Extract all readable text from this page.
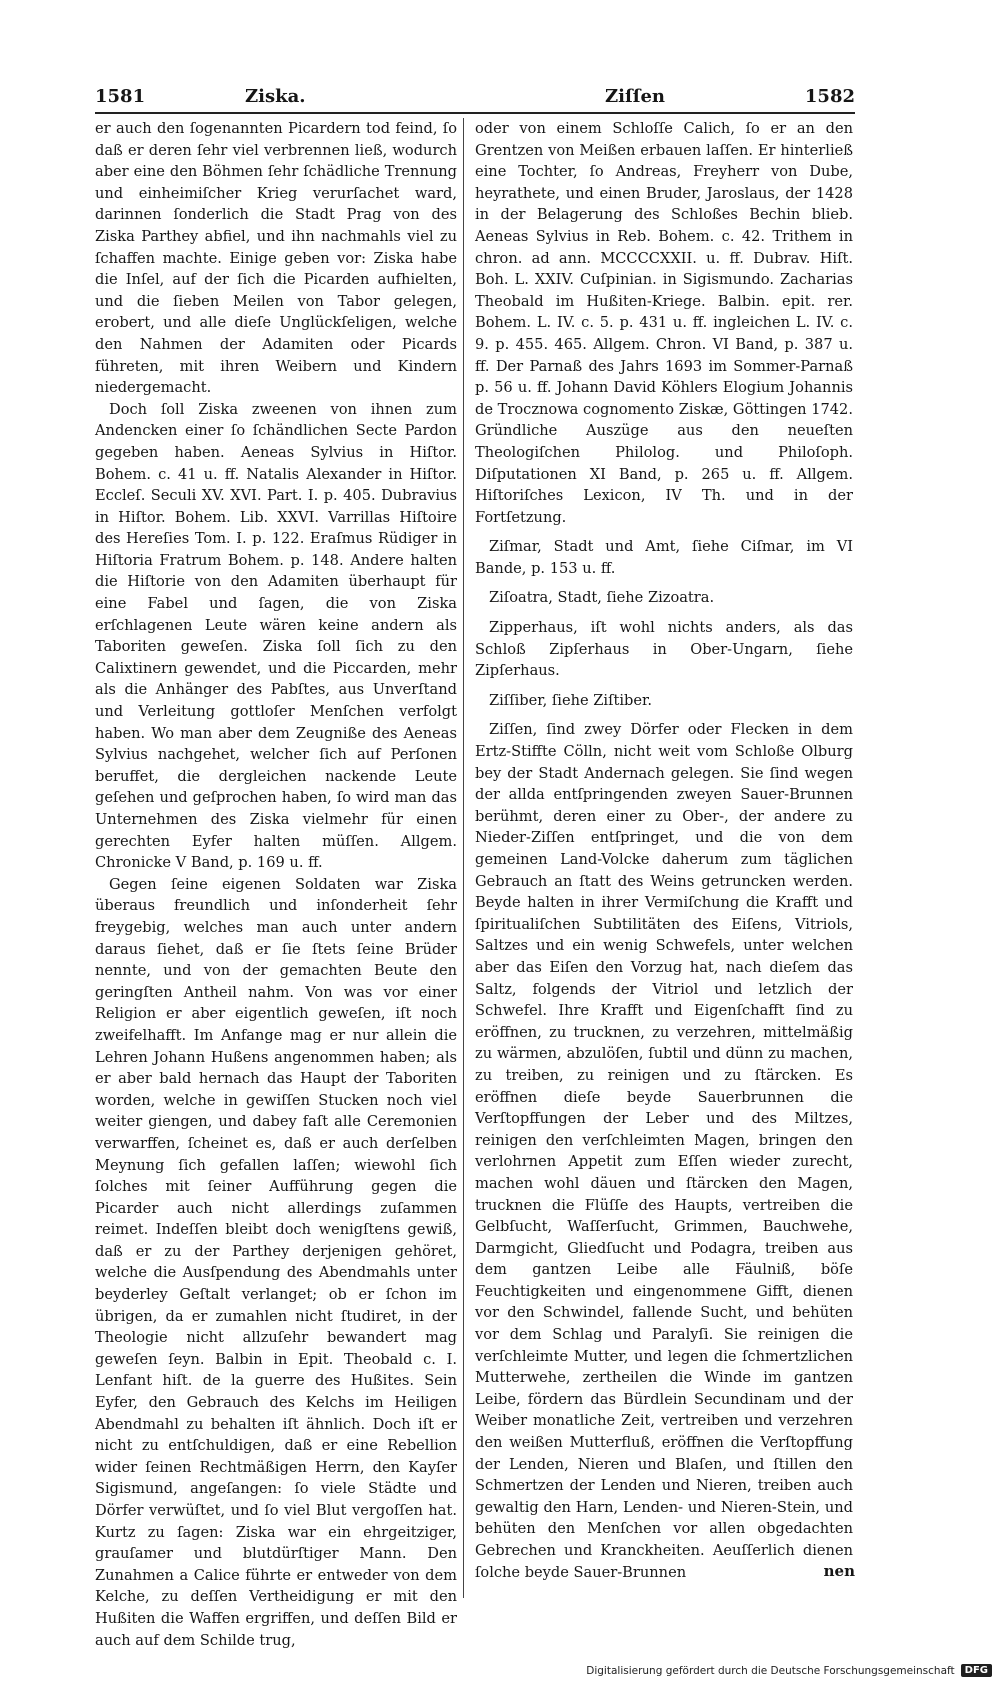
1581	Ziska.	Ziſſen	1582

er auch den ſogenannten Picardern tod feind, ſo daß er deren ſehr viel verbrennen ließ, wodurch aber eine den Böhmen ſehr ſchädliche Trennung und einheimiſcher Krieg verurſachet ward, darinnen ſonderlich die Stadt Prag von des Ziska Parthey abfiel, und ihn nachmahls viel zu ſchaffen machte. Einige geben vor: Ziska habe die Inſel, auf der ſich die Picarden aufhielten, und die ſieben Meilen von Tabor gelegen, erobert, und alle dieſe Unglückſeligen, welche den Nahmen der Adamiten oder Picards führeten, mit ihren Weibern und Kindern niedergemacht.

Doch ſoll Ziska zweenen von ihnen zum Andencken einer ſo ſchändlichen Secte Pardon gegeben haben. Aeneas Sylvius in Hiſtor. Bohem. c. 41 u. ff. Natalis Alexander in Hiſtor. Eccleſ. Seculi XV. XVI. Part. I. p. 405. Dubravius in Hiſtor. Bohem. Lib. XXVI. Varrillas Hiſtoire des Hereſies Tom. I. p. 122. Eraſmus Rüdiger in Hiſtoria Fratrum Bohem. p. 148. Andere halten die Hiſtorie von den Adamiten überhaupt für eine Fabel und ſagen, die von Ziska erſchlagenen Leute wären keine andern als Taboriten geweſen. Ziska ſoll ſich zu den Calixtinern gewendet, und die Piccarden, mehr als die Anhänger des Pabſtes, aus Unverſtand und Verleitung gottloſer Menſchen verfolgt haben. Wo man aber dem Zeugniße des Aeneas Sylvius nachgehet, welcher ſich auf Perſonen beruffet, die dergleichen nackende Leute geſehen und geſprochen haben, ſo wird man das Unternehmen des Ziska vielmehr für einen gerechten Eyfer halten müſſen. Allgem. Chronicke V Band, p. 169 u. ff.

Gegen ſeine eigenen Soldaten war Ziska überaus freundlich und inſonderheit ſehr freygebig, welches man auch unter andern daraus ſiehet, daß er ſie ſtets ſeine Brüder nennte, und von der gemachten Beute den geringſten Antheil nahm. Von was vor einer Religion er aber eigentlich geweſen, iſt noch zweifelhafft. Im Anfange mag er nur allein die Lehren Johann Hußens angenommen haben; als er aber bald hernach das Haupt der Taboriten worden, welche in gewiſſen Stucken noch viel weiter giengen, und dabey faſt alle Ceremonien verwarffen, ſcheinet es, daß er auch derſelben Meynung ſich gefallen laſſen; wiewohl ſich ſolches mit ſeiner Aufführung gegen die Picarder auch nicht allerdings zuſammen reimet. Indeſſen bleibt doch wenigſtens gewiß, daß er zu der Parthey derjenigen gehöret, welche die Ausſpendung des Abendmahls unter beyderley Geſtalt verlanget; ob er ſchon im übrigen, da er zumahlen nicht ſtudiret, in der Theologie nicht allzuſehr bewandert mag geweſen ſeyn. Balbin in Epit. Theobald c. I. Lenfant hiſt. de la guerre des Hußites. Sein Eyfer, den Gebrauch des Kelchs im Heiligen Abendmahl zu behalten iſt ähnlich. Doch iſt er nicht zu entſchuldigen, daß er eine Rebellion wider ſeinen Rechtmäßigen Herrn, den Kayſer Sigismund, angeſangen: ſo viele Städte und Dörfer verwüſtet, und ſo viel Blut vergoſſen hat. Kurtz zu ſagen: Ziska war ein ehrgeitziger, grauſamer und blutdürſtiger Mann. Den Zunahmen a Calice führte er entweder von dem Kelche, zu deſſen Vertheidigung er mit den Hußiten die Waffen ergriffen, und deſſen Bild er auch auf dem Schilde trug,

oder von einem Schloſſe Calich, ſo er an den Grentzen von Meißen erbauen laſſen. Er hinterließ eine Tochter, ſo Andreas, Freyherr von Dube, heyrathete, und einen Bruder, Jaroslaus, der 1428 in der Belagerung des Schloßes Bechin blieb. Aeneas Sylvius in Reb. Bohem. c. 42. Trithem in chron. ad ann. MCCCCXXII. u. ff. Dubrav. Hiſt. Boh. L. XXIV. Cuſpinian. in Sigismundo. Zacharias Theobald im Hußiten-Kriege. Balbin. epit. rer. Bohem. L. IV. c. 5. p. 431 u. ff. ingleichen L. IV. c. 9. p. 455. 465. Allgem. Chron. VI Band, p. 387 u. ff. Der Parnaß des Jahrs 1693 im Sommer-Parnaß p. 56 u. ff. Johann David Köhlers Elogium Johannis de Trocznowa cognomento Ziskæ, Göttingen 1742. Gründliche Auszüge aus den neueſten Theologiſchen Philolog. und Philoſoph. Diſputationen XI Band, p. 265 u. ff. Allgem. Hiſtoriſches Lexicon, IV Th. und in der Fortſetzung.

Ziſmar, Stadt und Amt, ſiehe Ciſmar, im VI Bande, p. 153 u. ff.

Ziſoatra, Stadt, ſiehe Zizoatra.

Zipperhaus, iſt wohl nichts anders, als das Schloß Zipſerhaus in Ober-Ungarn, ſiehe Zipſerhaus.

Ziſſiber, ſiehe Ziſtiber.

Ziſſen, ſind zwey Dörfer oder Flecken in dem Ertz-Stiffte Cölln, nicht weit vom Schloße Olburg bey der Stadt Andernach gelegen. Sie ſind wegen der allda entſpringenden zweyen Sauer-Brunnen berühmt, deren einer zu Ober-, der andere zu Nieder-Ziſſen entſpringet, und die von dem gemeinen Land-Volcke daherum zum täglichen Gebrauch an ſtatt des Weins getruncken werden. Beyde halten in ihrer Vermiſchung die Krafft und ſpiritualiſchen Subtilitäten des Eiſens, Vitriols, Saltzes und ein wenig Schwefels, unter welchen aber das Eiſen den Vorzug hat, nach dieſem das Saltz, folgends der Vitriol und letzlich der Schwefel. Ihre Krafft und Eigenſchafft ſind zu eröffnen, zu trucknen, zu verzehren, mittelmäßig zu wärmen, abzulöſen, ſubtil und dünn zu machen, zu treiben, zu reinigen und zu ſtärcken. Es eröffnen dieſe beyde Sauerbrunnen die Verſtopffungen der Leber und des Miltzes, reinigen den verſchleimten Magen, bringen den verlohrnen Appetit zum Eſſen wieder zurecht, machen wohl däuen und ſtärcken den Magen, trucknen die Flüſſe des Haupts, vertreiben die Gelbſucht, Waſſerſucht, Grimmen, Bauchwehe, Darmgicht, Gliedſucht und Podagra, treiben aus dem gantzen Leibe alle Fäulniß, böſe Feuchtigkeiten und eingenommene Gifft, dienen vor den Schwindel, fallende Sucht, und behüten vor dem Schlag und Paralyſi. Sie reinigen die verſchleimte Mutter, und legen die ſchmertzlichen Mutterwehe, zertheilen die Winde im gantzen Leibe, fördern das Bürdlein Secundinam und der Weiber monatliche Zeit, vertreiben und verzehren den weißen Mutterfluß, eröffnen die Verſtopffung der Lenden, Nieren und Blaſen, und ſtillen den Schmertzen der Lenden und Nieren, treiben auch gewaltig den Harn, Lenden- und Nieren-Stein, und behüten den Menſchen vor allen obgedachten Gebrechen und Kranckheiten. Aeuſſerlich dienen ſolche beyde Sauer-Brunnen	nen
Digitalisierung gefördert durch die Deutsche Forschungsgemeinschaft	DFG
